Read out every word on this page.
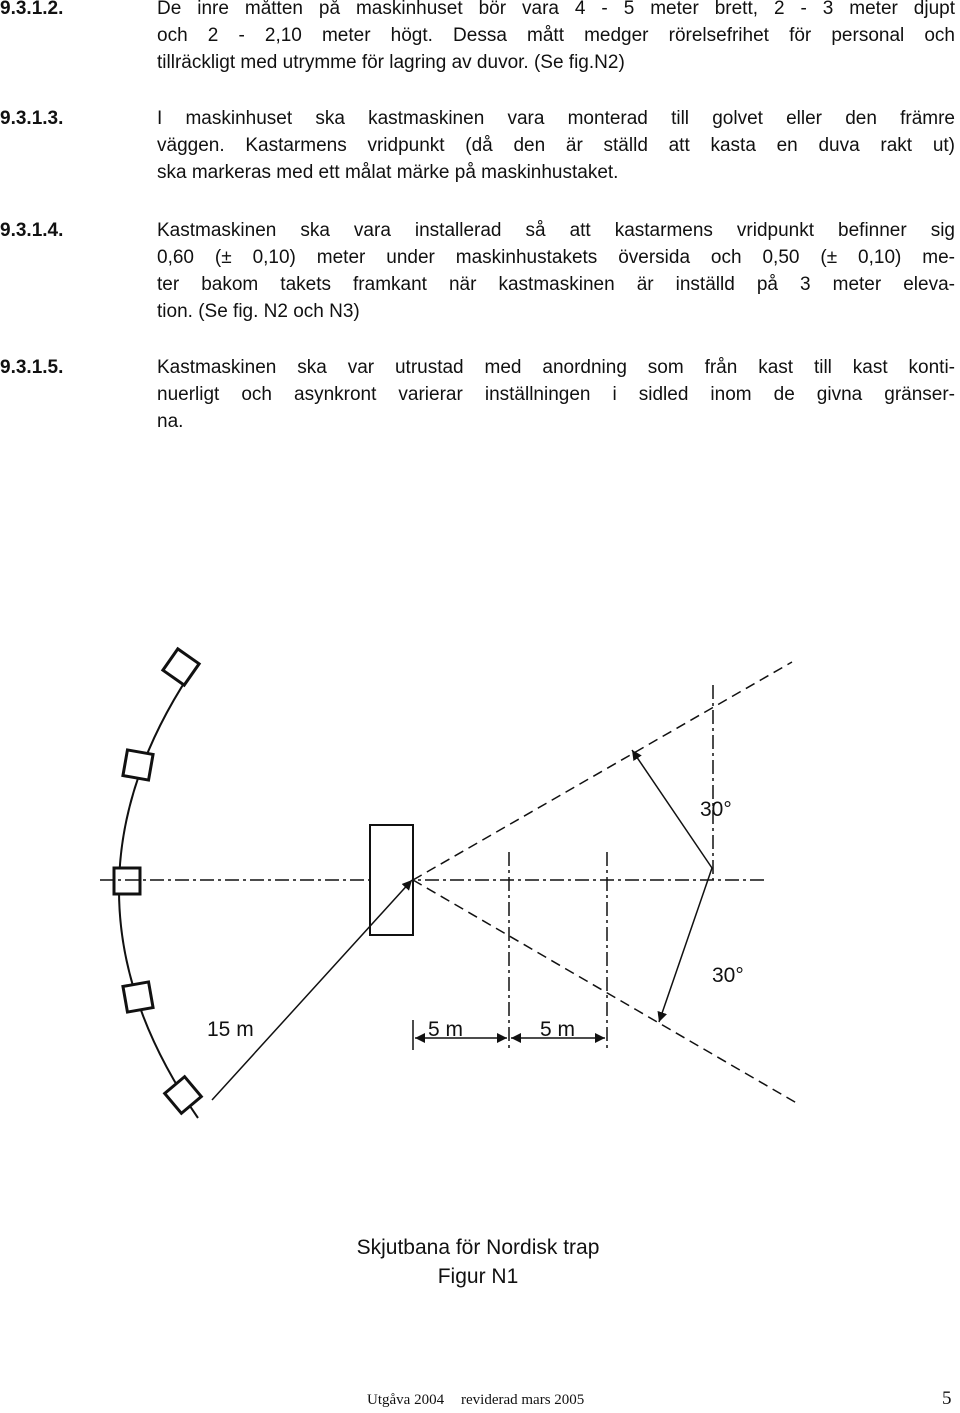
9.3.1.2.	De inre måtten på maskinhuset bör vara 4 - 5 meter brett, 2 - 3 meter djupt
och 2 - 2,10 meter högt. Dessa mått medger rörelsefrihet för personal och
tillräckligt med utrymme för lagring av duvor. (Se fig.N2)
9.3.1.3.	I maskinhuset ska kastmaskinen vara monterad till golvet eller den främre
väggen. Kastarmens vridpunkt (då den är ställd att kasta en duva rakt ut)
ska markeras med ett målat märke på maskinhustaket.
9.3.1.4.	Kastmaskinen ska vara installerad så att kastarmens vridpunkt befinner sig
0,60 (± 0,10) meter under maskinhustakets översida och 0,50 (± 0,10) me-
ter bakom takets framkant när kastmaskinen är inställd på 3 meter eleva-
tion. (Se fig. N2 och N3)
9.3.1.5.	Kastmaskinen ska var utrustad med anordning som från kast till kast konti-
nuerligt och asynkront varierar inställningen i sidled inom de givna gränser-
na.
30°
30°
15 m	5 m	5 m
Skjutbana för Nordisk trap
Figur N1
Utgåva 2004 reviderad mars 2005	5
